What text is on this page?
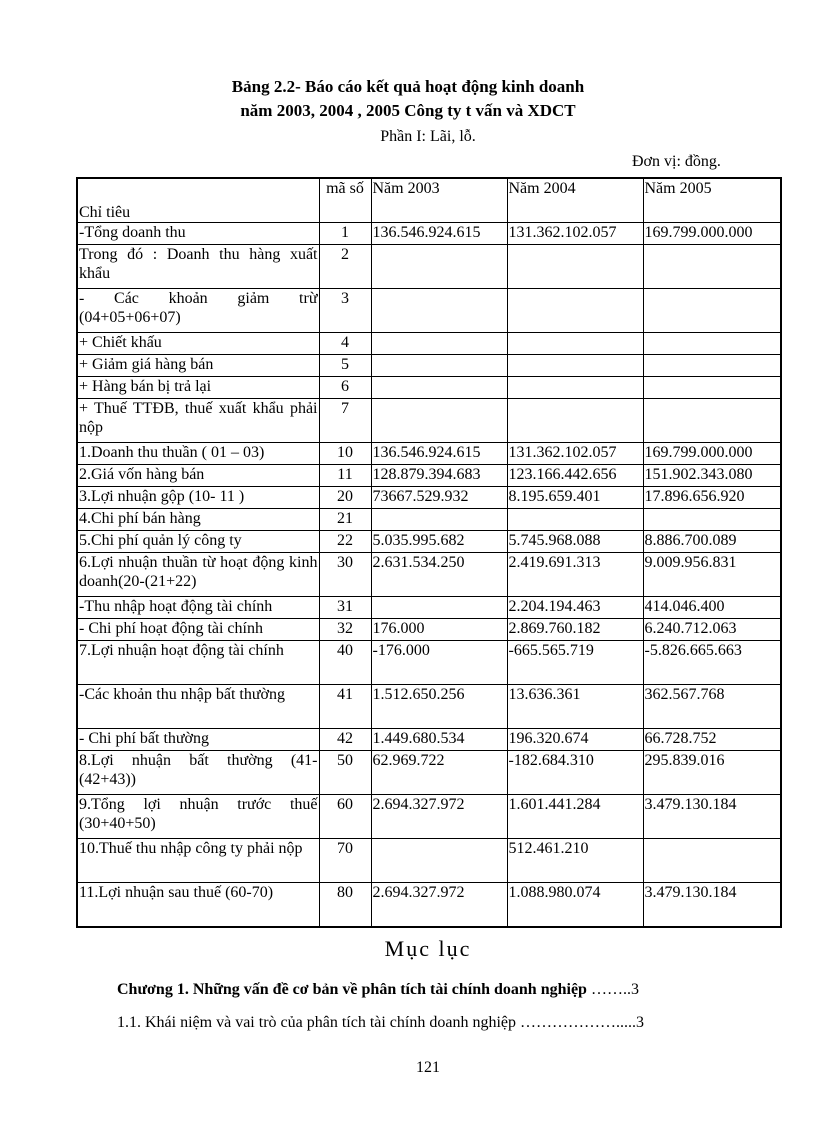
Bảng 2.2- Báo cáo kết quả hoạt động kinh doanh
năm 2003, 2004 , 2005 Công ty t vấn và XDCT
Phần I: Lãi, lỗ.
Đơn vị: đồng.
Chỉ tiêu	mã số	Năm 2003	Năm 2004	Năm 2005
-Tổng doanh thu	1	136.546.924.615	131.362.102.057	169.799.000.000
Trong đó : Doanh thu hàng xuất khẩu	2			
- Các khoản giảm trừ (04+05+06+07)	3			
+ Chiết khấu	4			
+ Giảm giá hàng bán	5			
+ Hàng bán bị trả lại	6			
+ Thuế TTĐB, thuế xuất khẩu phải nộp	7			
1.Doanh thu thuần ( 01 – 03)	10	136.546.924.615	131.362.102.057	169.799.000.000
2.Giá vốn hàng bán	11	128.879.394.683	123.166.442.656	151.902.343.080
3.Lợi nhuận gộp (10- 11 )	20	73667.529.932	8.195.659.401	17.896.656.920
4.Chi phí bán hàng	21			
5.Chi phí quản lý công ty	22	5.035.995.682	5.745.968.088	8.886.700.089
6.Lợi nhuận thuần từ hoạt động kinh doanh(20-(21+22)	30	2.631.534.250	2.419.691.313	9.009.956.831
-Thu nhập hoạt động tài chính	31		2.204.194.463	414.046.400
- Chi phí hoạt động tài chính	32	176.000	2.869.760.182	6.240.712.063
7.Lợi nhuận hoạt động tài chính	40	-176.000	-665.565.719	-5.826.665.663
-Các khoản thu nhập bất thường	41	1.512.650.256	13.636.361	362.567.768
- Chi phí bất thường	42	1.449.680.534	196.320.674	66.728.752
8.Lợi nhuận bất thường (41-(42+43))	50	62.969.722	-182.684.310	295.839.016
9.Tổng lợi nhuận trước thuế (30+40+50)	60	2.694.327.972	1.601.441.284	3.479.130.184
10.Thuế thu nhập công ty phải nộp	70		512.461.210	
11.Lợi nhuận sau thuế (60-70)	80	2.694.327.972	1.088.980.074	3.479.130.184
Mục lục
Chương 1. Những vấn đề cơ bản về phân tích tài chính doanh nghiệp ……..3
1.1. Khái niệm và vai trò của phân tích tài chính doanh nghiệp ……………….....3
121
